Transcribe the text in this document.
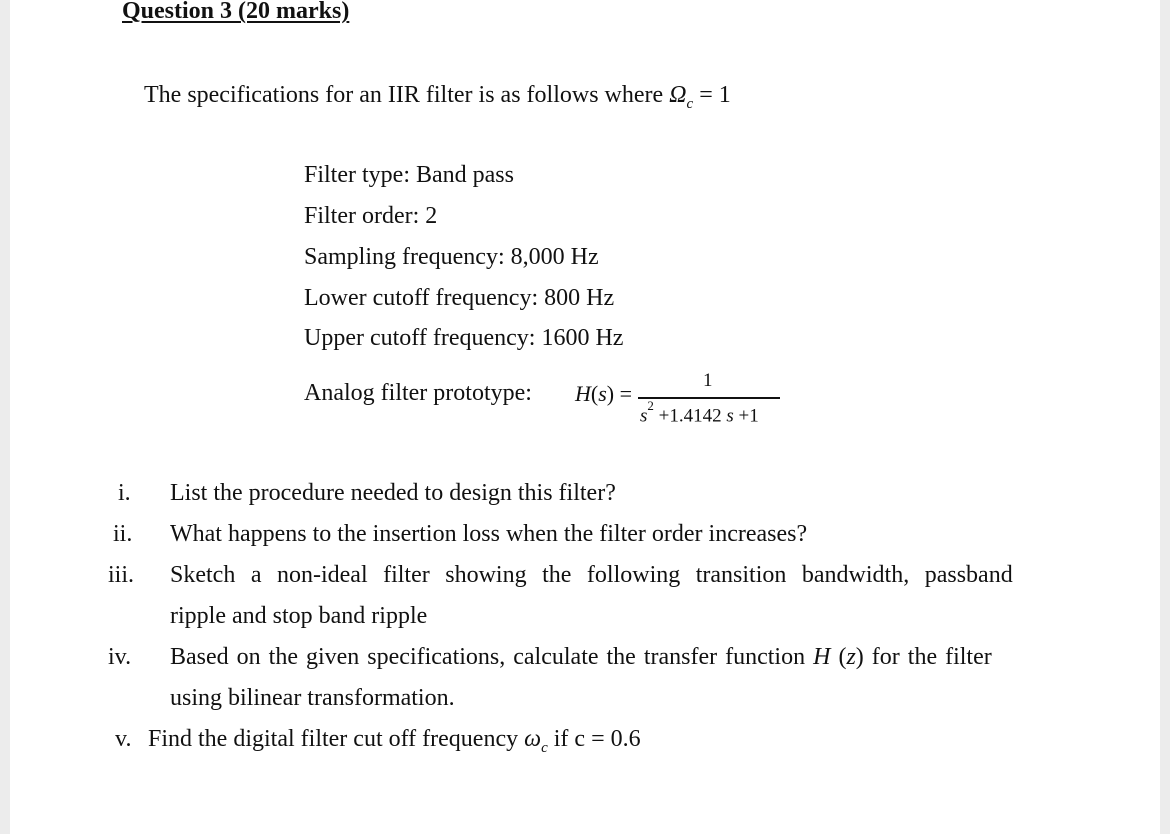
Question 3 (20 marks)
The specifications for an IIR filter is as follows where $\Omega_c = 1$
Filter type: Band pass
Filter order: 2
Sampling frequency: 8,000 Hz
Lower cutoff frequency: 800 Hz
Upper cutoff frequency: 1600 Hz
Analog filter prototype: H(s) =
1
$s^2 +1.4142$ s +1
i. List the procedure needed to design this filter?
ii. What happens to the insertion loss when the filter order increases?
iii. Sketch a non-ideal filter showing the following transition bandwidth, passband
ripple and stop band ripple
iv. Based on the given specifications, calculate the transfer function H (z) for the filter
using bilinear transformation.
v. Find the digital filter cut off frequency $\omega_c$ if c = 0.6
